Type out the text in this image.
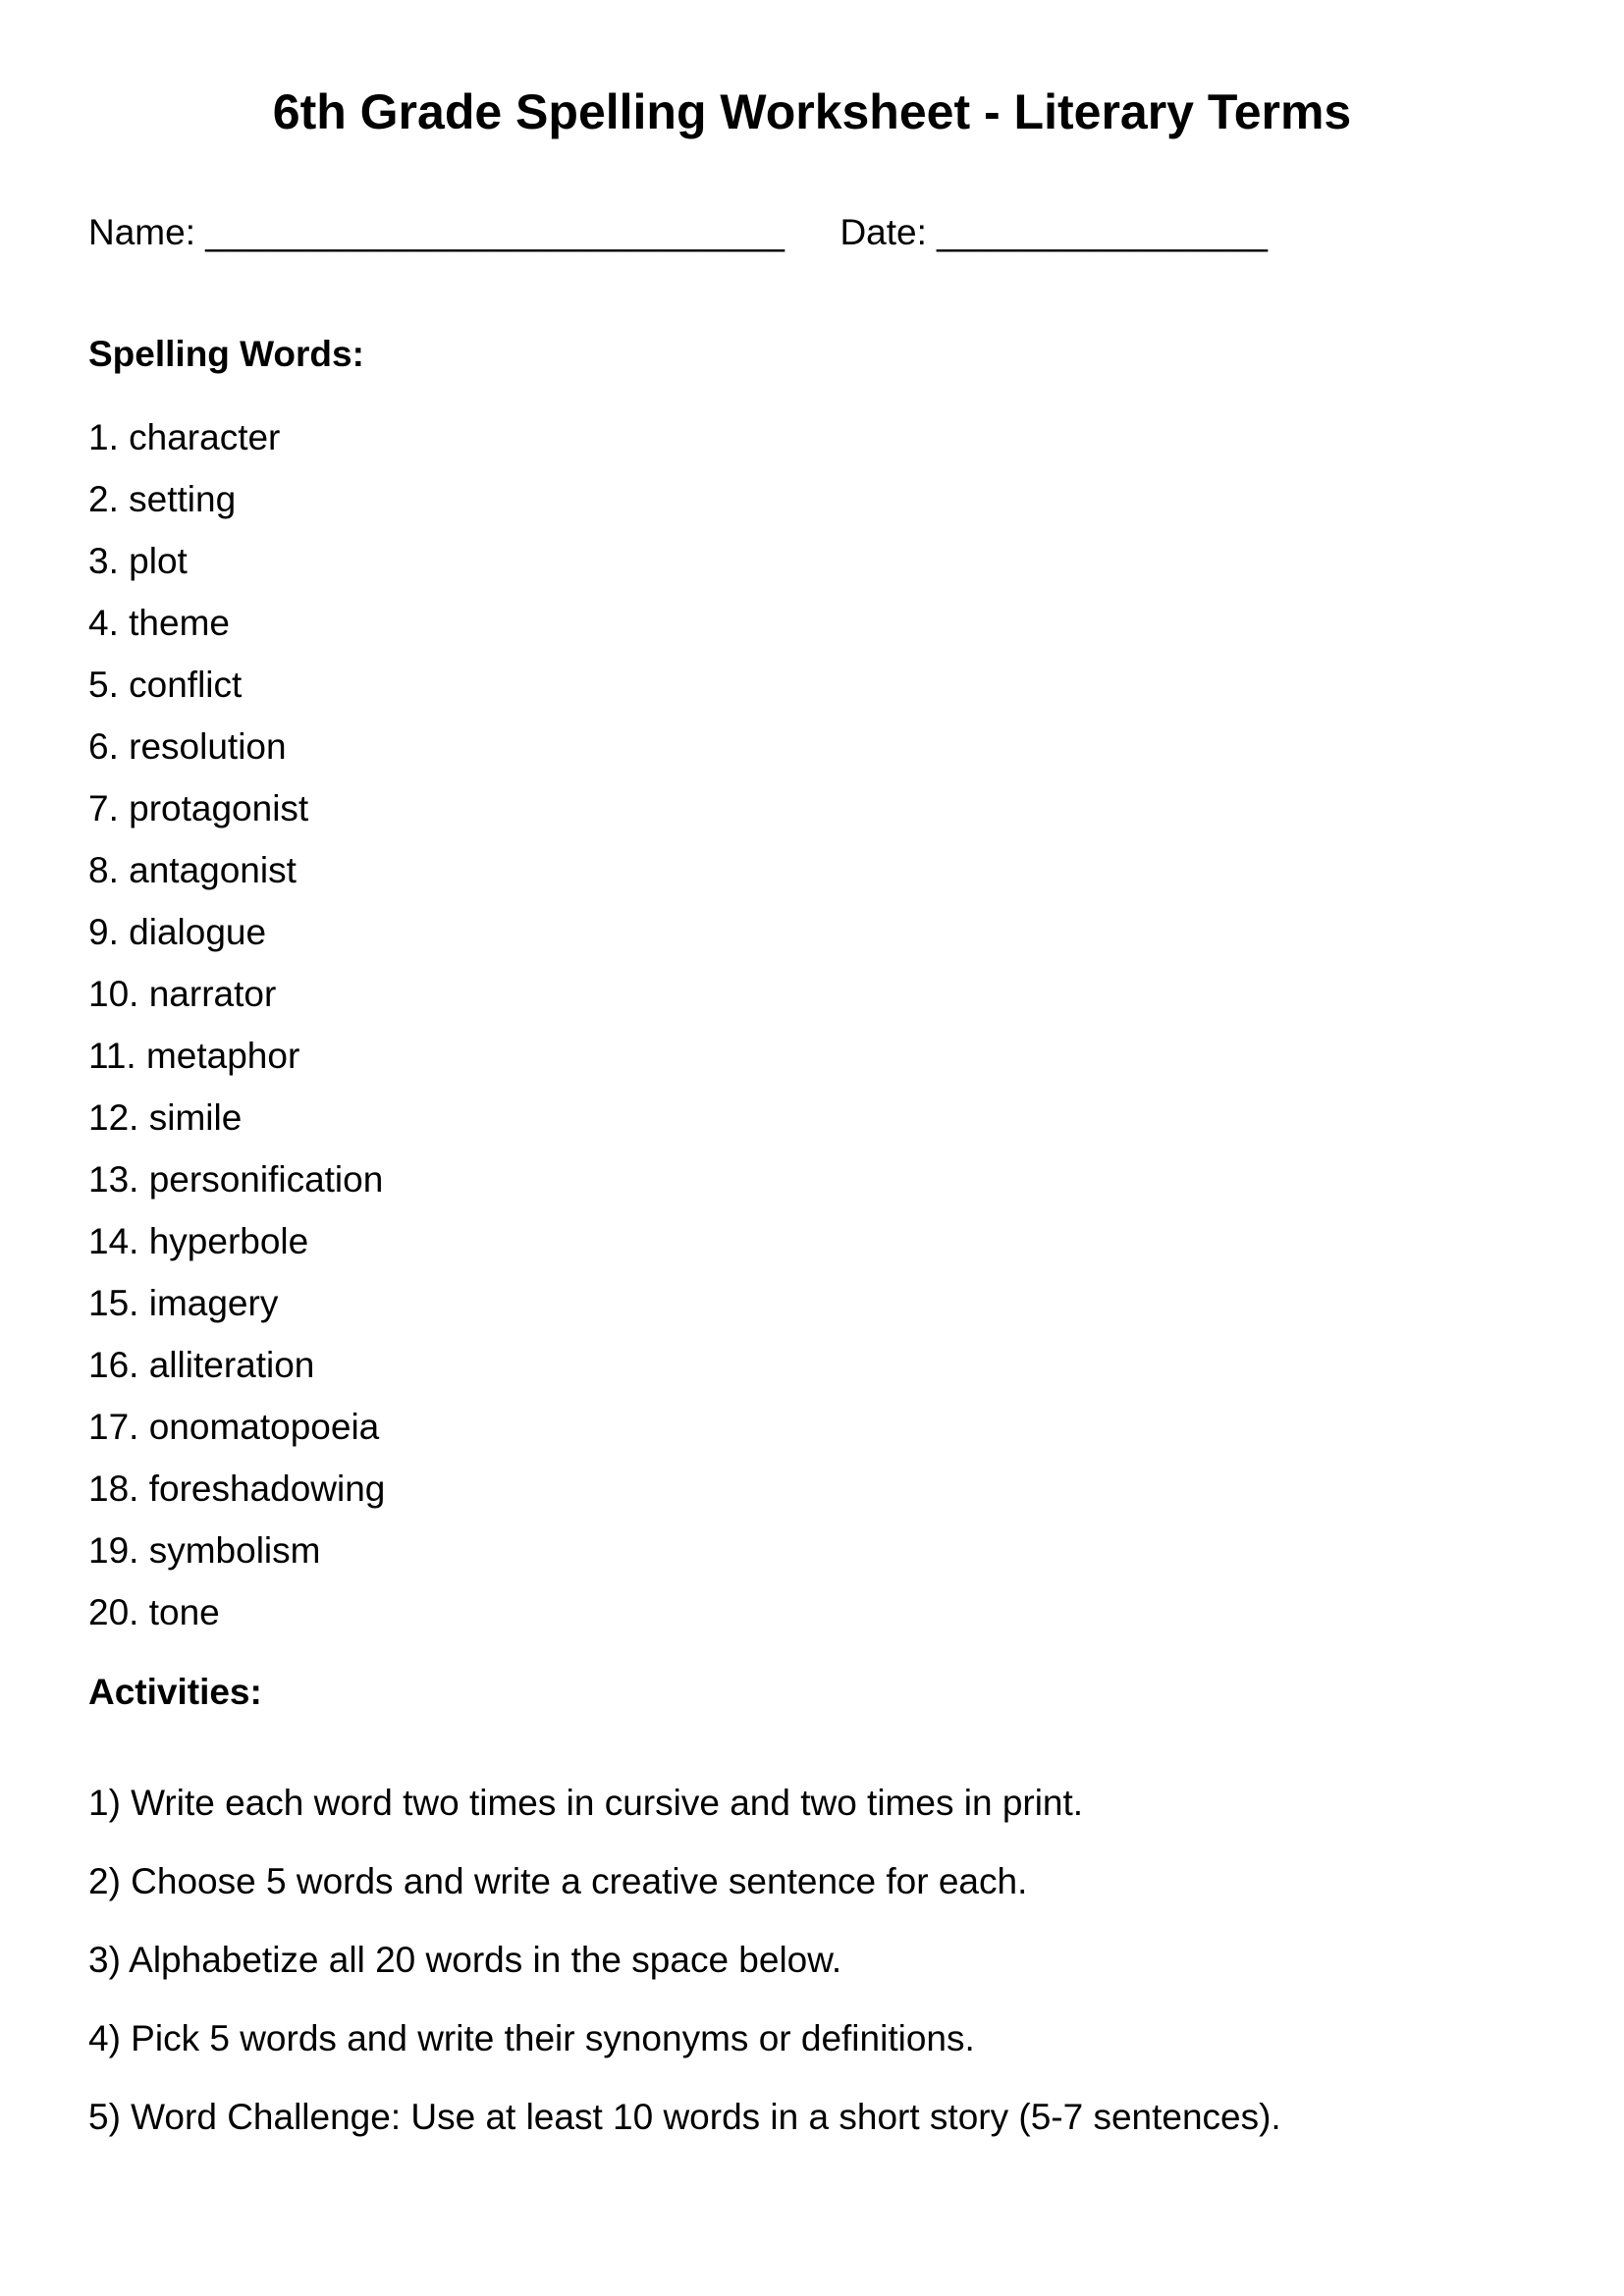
6th Grade Spelling Worksheet - Literary Terms

Name: ____________________________ Date: ________________

Spelling Words:
1. character
2. setting
3. plot
4. theme
5. conflict
6. resolution
7. protagonist
8. antagonist
9. dialogue
10. narrator
11. metaphor
12. simile
13. personification
14. hyperbole
15. imagery
16. alliteration
17. onomatopoeia
18. foreshadowing
19. symbolism
20. tone
Activities:

1) Write each word two times in cursive and two times in print.

2) Choose 5 words and write a creative sentence for each.

3) Alphabetize all 20 words in the space below.

4) Pick 5 words and write their synonyms or definitions.

5) Word Challenge: Use at least 10 words in a short story (5-7 sentences).
